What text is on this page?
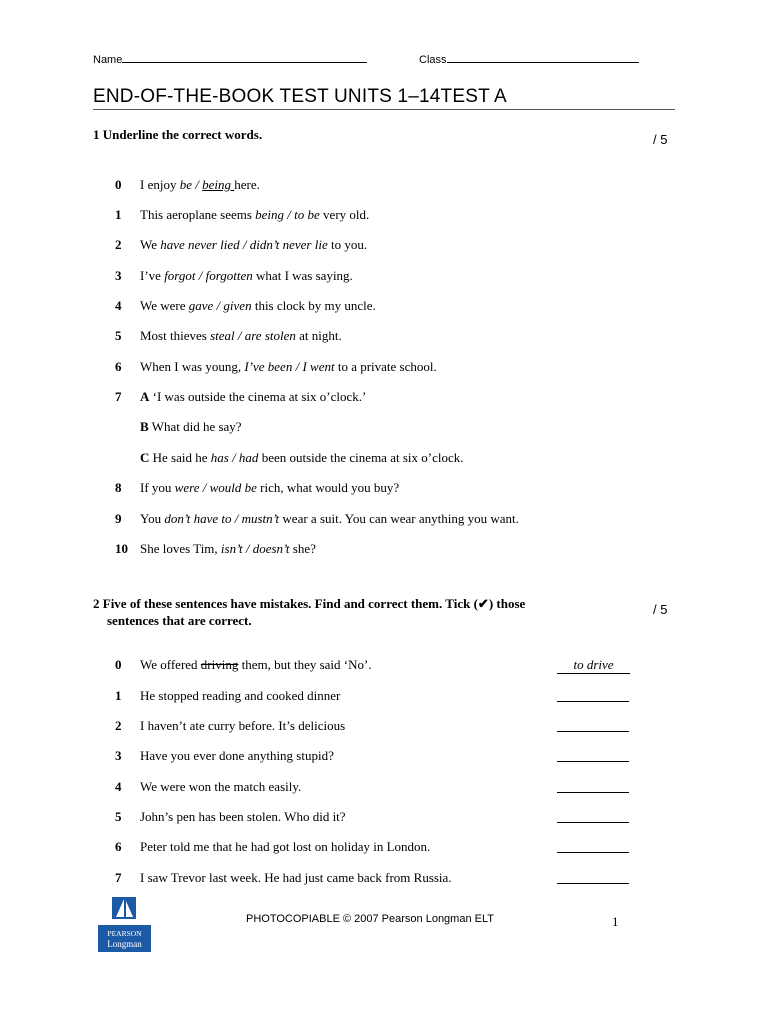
Name	Class
END-OF-THE-BOOK TEST UNITS 1–14TEST A
1 Underline the correct words.	/ 5
0 I enjoy be / being here.
1 This aeroplane seems being / to be very old.
2 We have never lied / didn’t never lie to you.
3 I’ve forgot / forgotten what I was saying.
4 We were gave / given this clock by my uncle.
5 Most thieves steal / are stolen at night.
6 When I was young, I’ve been / I went to a private school.
7 A ‘I was outside the cinema at six o’clock.’
B What did he say?
C He said he has / had been outside the cinema at six o’clock.
8 If you were / would be rich, what would you buy?
9 You don’t have to / mustn’t wear a suit. You can wear anything you want.
10 She loves Tim, isn’t / doesn’t she?
2 Five of these sentences have mistakes. Find and correct them. Tick (✔) those
sentences that are correct.
/ 5
0 We offered driving them, but they said ‘No’.	to drive
1 He stopped reading and cooked dinner
2 I haven’t ate curry before. It’s delicious
3 Have you ever done anything stupid?
4 We were won the match easily.
5 John’s pen has been stolen. Who did it?
6 Peter told me that he had got lost on holiday in London.
7 I saw Trevor last week. He had just came back from Russia.
PEARSON
Longman
PHOTOCOPIABLE © 2007 Pearson Longman ELT	1
